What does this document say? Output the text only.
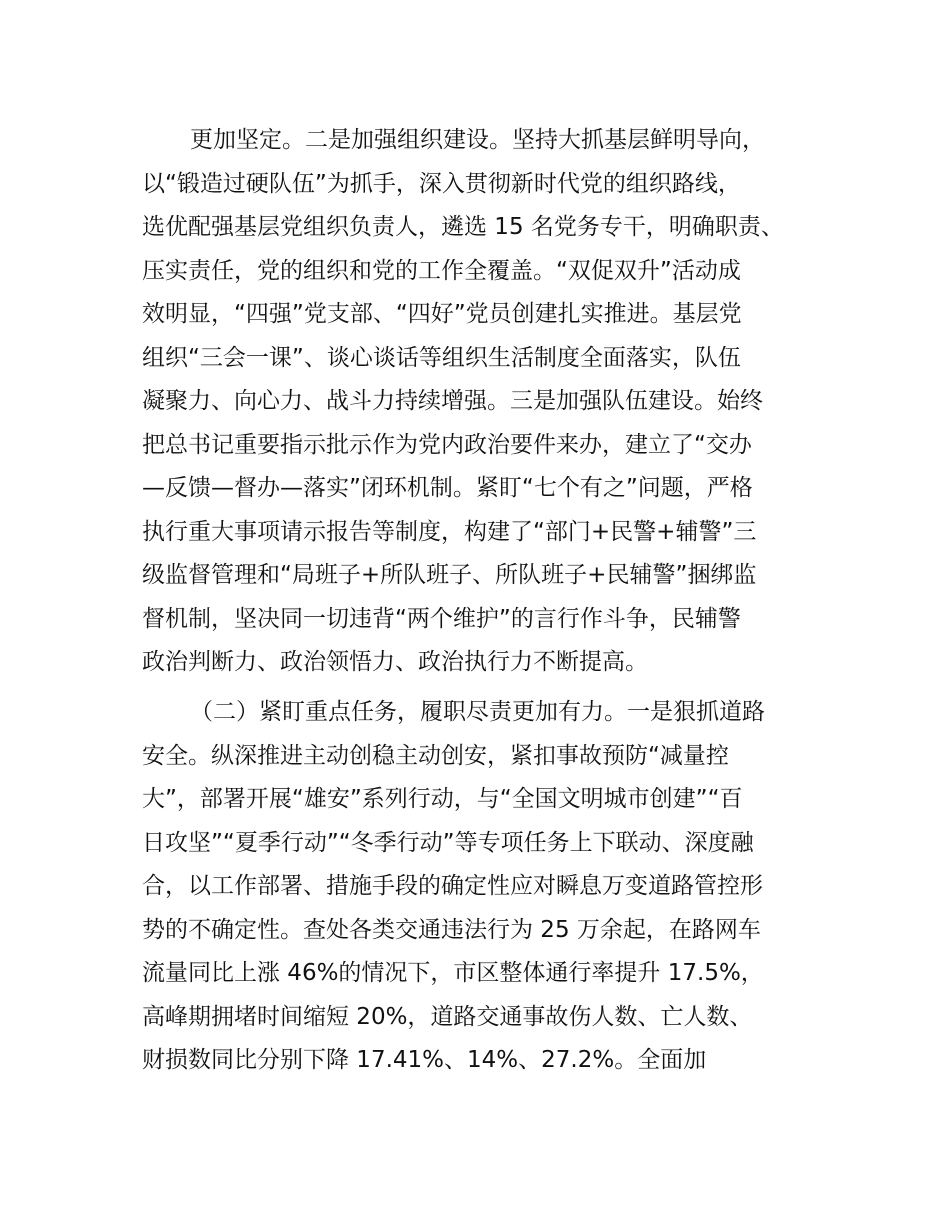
更加坚定。二是加强组织建设。坚持大抓基层鲜明导向，
以“锻造过硬队伍”为抓手，深入贯彻新时代党的组织路线，
选优配强基层党组织负责人，遴选 15 名党务专干，明确职责、
压实责任，党的组织和党的工作全覆盖。“双促双升”活动成
效明显，“四强”党支部、“四好”党员创建扎实推进。基层党
组织“三会一课”、谈心谈话等组织生活制度全面落实，队伍
凝聚力、向心力、战斗力持续增强。三是加强队伍建设。始终
把总书记重要指示批示作为党内政治要件来办，建立了“交办
—反馈—督办—落实”闭环机制。紧盯“七个有之”问题，严格
执行重大事项请示报告等制度，构建了“部门+民警+辅警”三
级监督管理和“局班子+所队班子、所队班子+民辅警”捆绑监
督机制，坚决同一切违背“两个维护”的言行作斗争，民辅警
政治判断力、政治领悟力、政治执行力不断提高。
（二）紧盯重点任务，履职尽责更加有力。一是狠抓道路
安全。纵深推进主动创稳主动创安，紧扣事故预防“减量控
大”，部署开展“雄安”系列行动，与“全国文明城市创建”“百
日攻坚”“夏季行动”“冬季行动”等专项任务上下联动、深度融
合，以工作部署、措施手段的确定性应对瞬息万变道路管控形
势的不确定性。查处各类交通违法行为 25 万余起，在路网车
流量同比上涨 46%的情况下，市区整体通行率提升 17.5%，
高峰期拥堵时间缩短 20%，道路交通事故伤人数、亡人数、
财损数同比分别下降 17.41%、14%、27.2%。全面加
